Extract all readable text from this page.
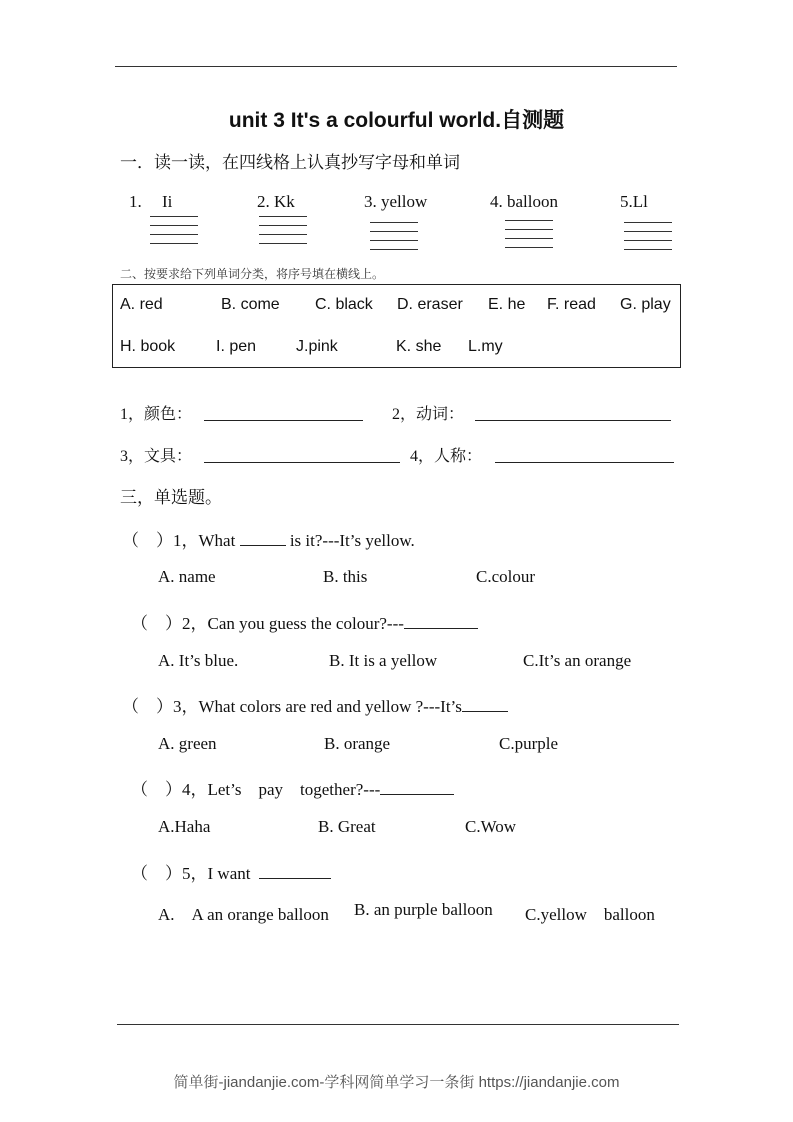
unit 3 It's a colourful world.自测题
一．读一读，在四线格上认真抄写字母和单词
1. Ii	2. Kk	3. yellow	4. balloon	5.Ll
二、按要求给下列单词分类，将序号填在横线上。
A. red	B. come C. black D. eraser E. he F. read G. play
H. book	I. pen J.pink	K. she L.my
1，颜色：	2，动词：
3，文具：	4，人称：
三，单选题。
（　）1，What	is it?---It’s yellow.
A. name	B. this	C.colour
（　）2，Can you guess the colour?---
A. It’s blue.	B. It is a yellow	C.It’s an orange
（　）3，What colors are red and yellow ?---It’s
A. green	B. orange	C.purple
（　）4，Let’s　pay　together?---
A.Haha	B. Great	C.Wow
（　）5，I want
A.　A an orange balloon B. an purple balloon C.yellow　balloon
简单街-jiandanjie.com-学科网简单学习一条街 https://jiandanjie.com
